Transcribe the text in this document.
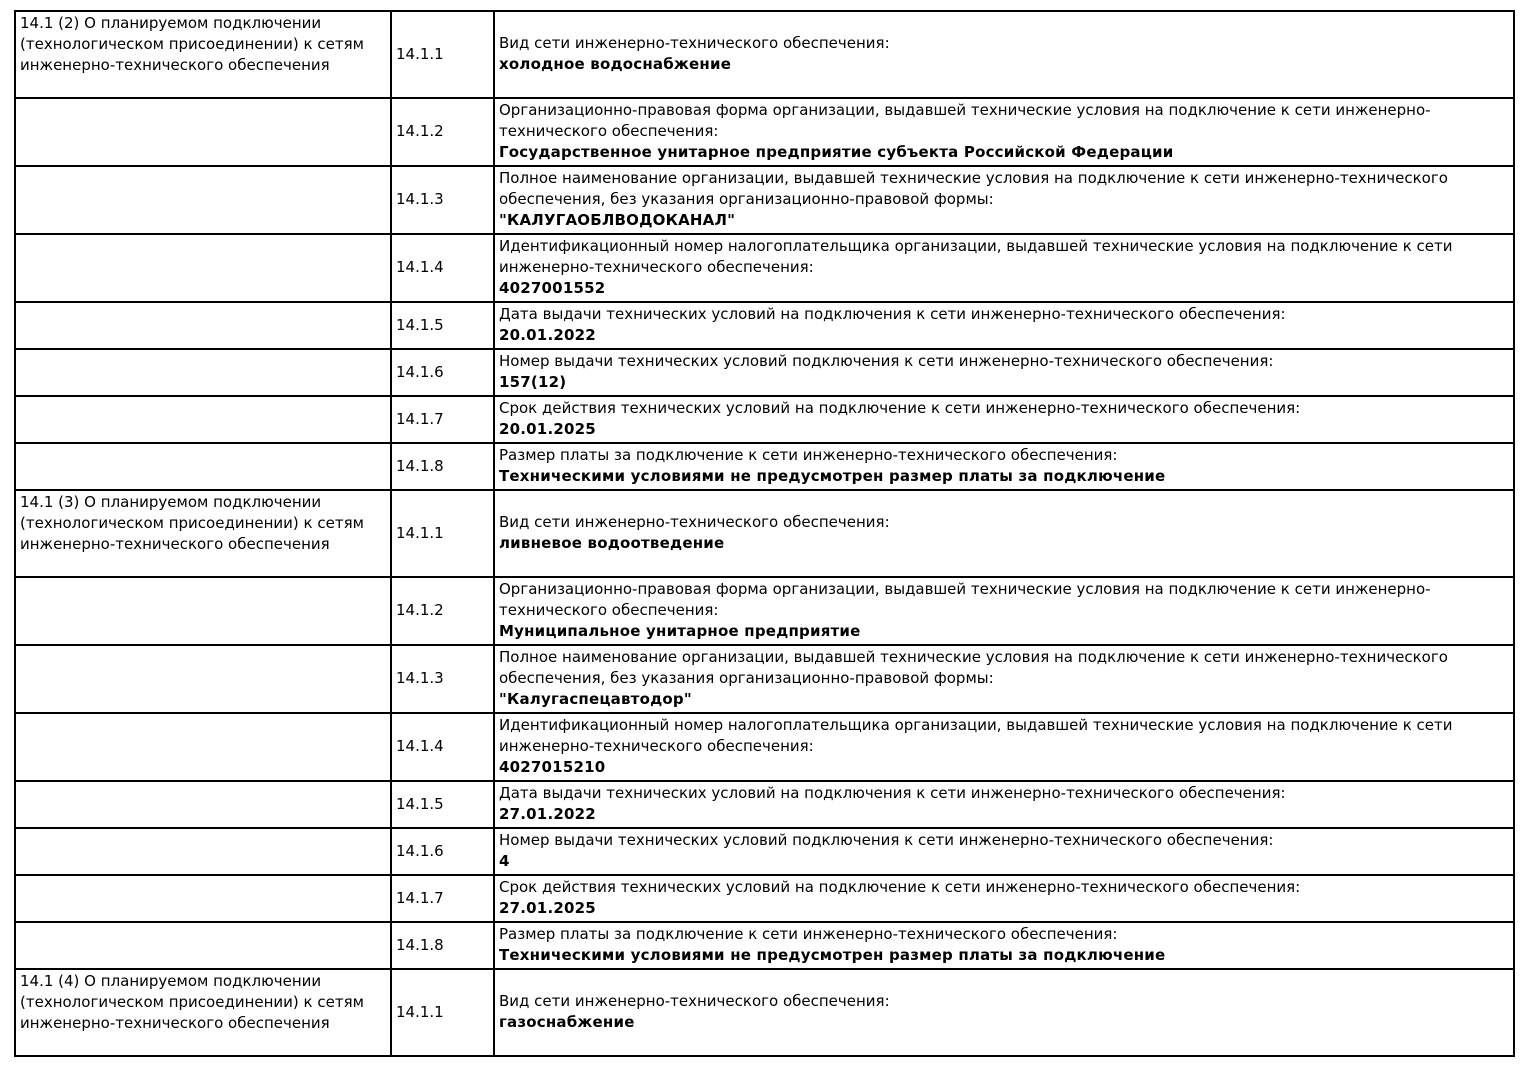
14.1 (2) О планируемом подключении (технологическом присоединении) к сетям инженерно-технического обеспечения	14.1.1	Вид сети инженерно-технического обеспечения:
холодное водоснабжение

	14.1.2	Организационно-правовая форма организации, выдавшей технические условия на подключение к сети инженерно-технического обеспечения:
Государственное унитарное предприятие субъекта Российской Федерации

	14.1.3	Полное наименование организации, выдавшей технические условия на подключение к сети инженерно-технического обеспечения, без указания организационно-правовой формы:
"КАЛУГАОБЛВОДОКАНАЛ"

	14.1.4	Идентификационный номер налогоплательщика организации, выдавшей технические условия на подключение к сети инженерно-технического обеспечения:
4027001552

	14.1.5	Дата выдачи технических условий на подключения к сети инженерно-технического обеспечения:
20.01.2022

	14.1.6	Номер выдачи технических условий подключения к сети инженерно-технического обеспечения:
157(12)

	14.1.7	Срок действия технических условий на подключение к сети инженерно-технического обеспечения:
20.01.2025

	14.1.8	Размер платы за подключение к сети инженерно-технического обеспечения:
Техническими условиями не предусмотрен размер платы за подключение

14.1 (3) О планируемом подключении (технологическом присоединении) к сетям инженерно-технического обеспечения	14.1.1	Вид сети инженерно-технического обеспечения:
ливневое водоотведение

	14.1.2	Организационно-правовая форма организации, выдавшей технические условия на подключение к сети инженерно-технического обеспечения:
Муниципальное унитарное предприятие

	14.1.3	Полное наименование организации, выдавшей технические условия на подключение к сети инженерно-технического обеспечения, без указания организационно-правовой формы:
"Калугаспецавтодор"

	14.1.4	Идентификационный номер налогоплательщика организации, выдавшей технические условия на подключение к сети инженерно-технического обеспечения:
4027015210

	14.1.5	Дата выдачи технических условий на подключения к сети инженерно-технического обеспечения:
27.01.2022

	14.1.6	Номер выдачи технических условий подключения к сети инженерно-технического обеспечения:
4

	14.1.7	Срок действия технических условий на подключение к сети инженерно-технического обеспечения:
27.01.2025

	14.1.8	Размер платы за подключение к сети инженерно-технического обеспечения:
Техническими условиями не предусмотрен размер платы за подключение

14.1 (4) О планируемом подключении (технологическом присоединении) к сетям инженерно-технического обеспечения	14.1.1	Вид сети инженерно-технического обеспечения:
газоснабжение
